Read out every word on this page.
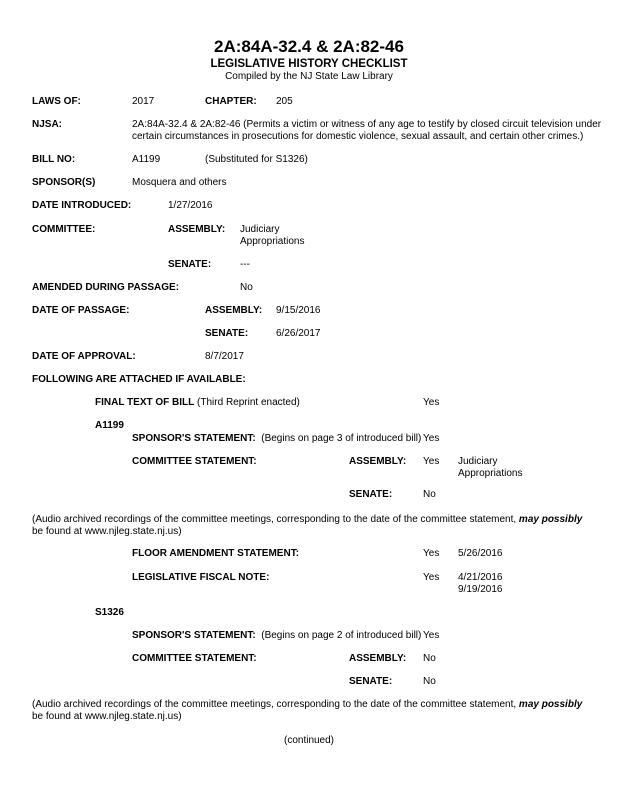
2A:84A-32.4 & 2A:82-46
LEGISLATIVE HISTORY CHECKLIST
Compiled by the NJ State Law Library
LAWS OF:	2017	CHAPTER: 205
NJSA:	2A:84A-32.4 & 2A:82-46 (Permits a victim or witness of any age to testify by closed circuit television under
certain circumstances in prosecutions for domestic violence, sexual assault, and certain other crimes.)
BILL NO:	A1199	(Substituted for S1326)
SPONSOR(S)	Mosquera and others
DATE INTRODUCED:	1/27/2016
COMMITTEE:	ASSEMBLY: Judiciary
Appropriations
SENATE:	---
AMENDED DURING PASSAGE:	No
DATE OF PASSAGE:	ASSEMBLY: 9/15/2016
SENATE:	6/26/2017
DATE OF APPROVAL:	8/7/2017
FOLLOWING ARE ATTACHED IF AVAILABLE:
FINAL TEXT OF BILL (Third Reprint enacted)	Yes
A1199
SPONSOR'S STATEMENT: (Begins on page 3 of introduced bill) Yes
COMMITTEE STATEMENT:	ASSEMBLY: Yes Judiciary
Appropriations
SENATE:	No
(Audio archived recordings of the committee meetings, corresponding to the date of the committee statement, may possibly
be found at www.njleg.state.nj.us)
FLOOR AMENDMENT STATEMENT:	Yes 5/26/2016
LEGISLATIVE FISCAL NOTE:	Yes 4/21/2016
9/19/2016
S1326
SPONSOR'S STATEMENT: (Begins on page 2 of introduced bill) Yes
COMMITTEE STATEMENT:	ASSEMBLY: No
SENATE:	No
(Audio archived recordings of the committee meetings, corresponding to the date of the committee statement, may possibly
be found at www.njleg.state.nj.us)
(continued)
